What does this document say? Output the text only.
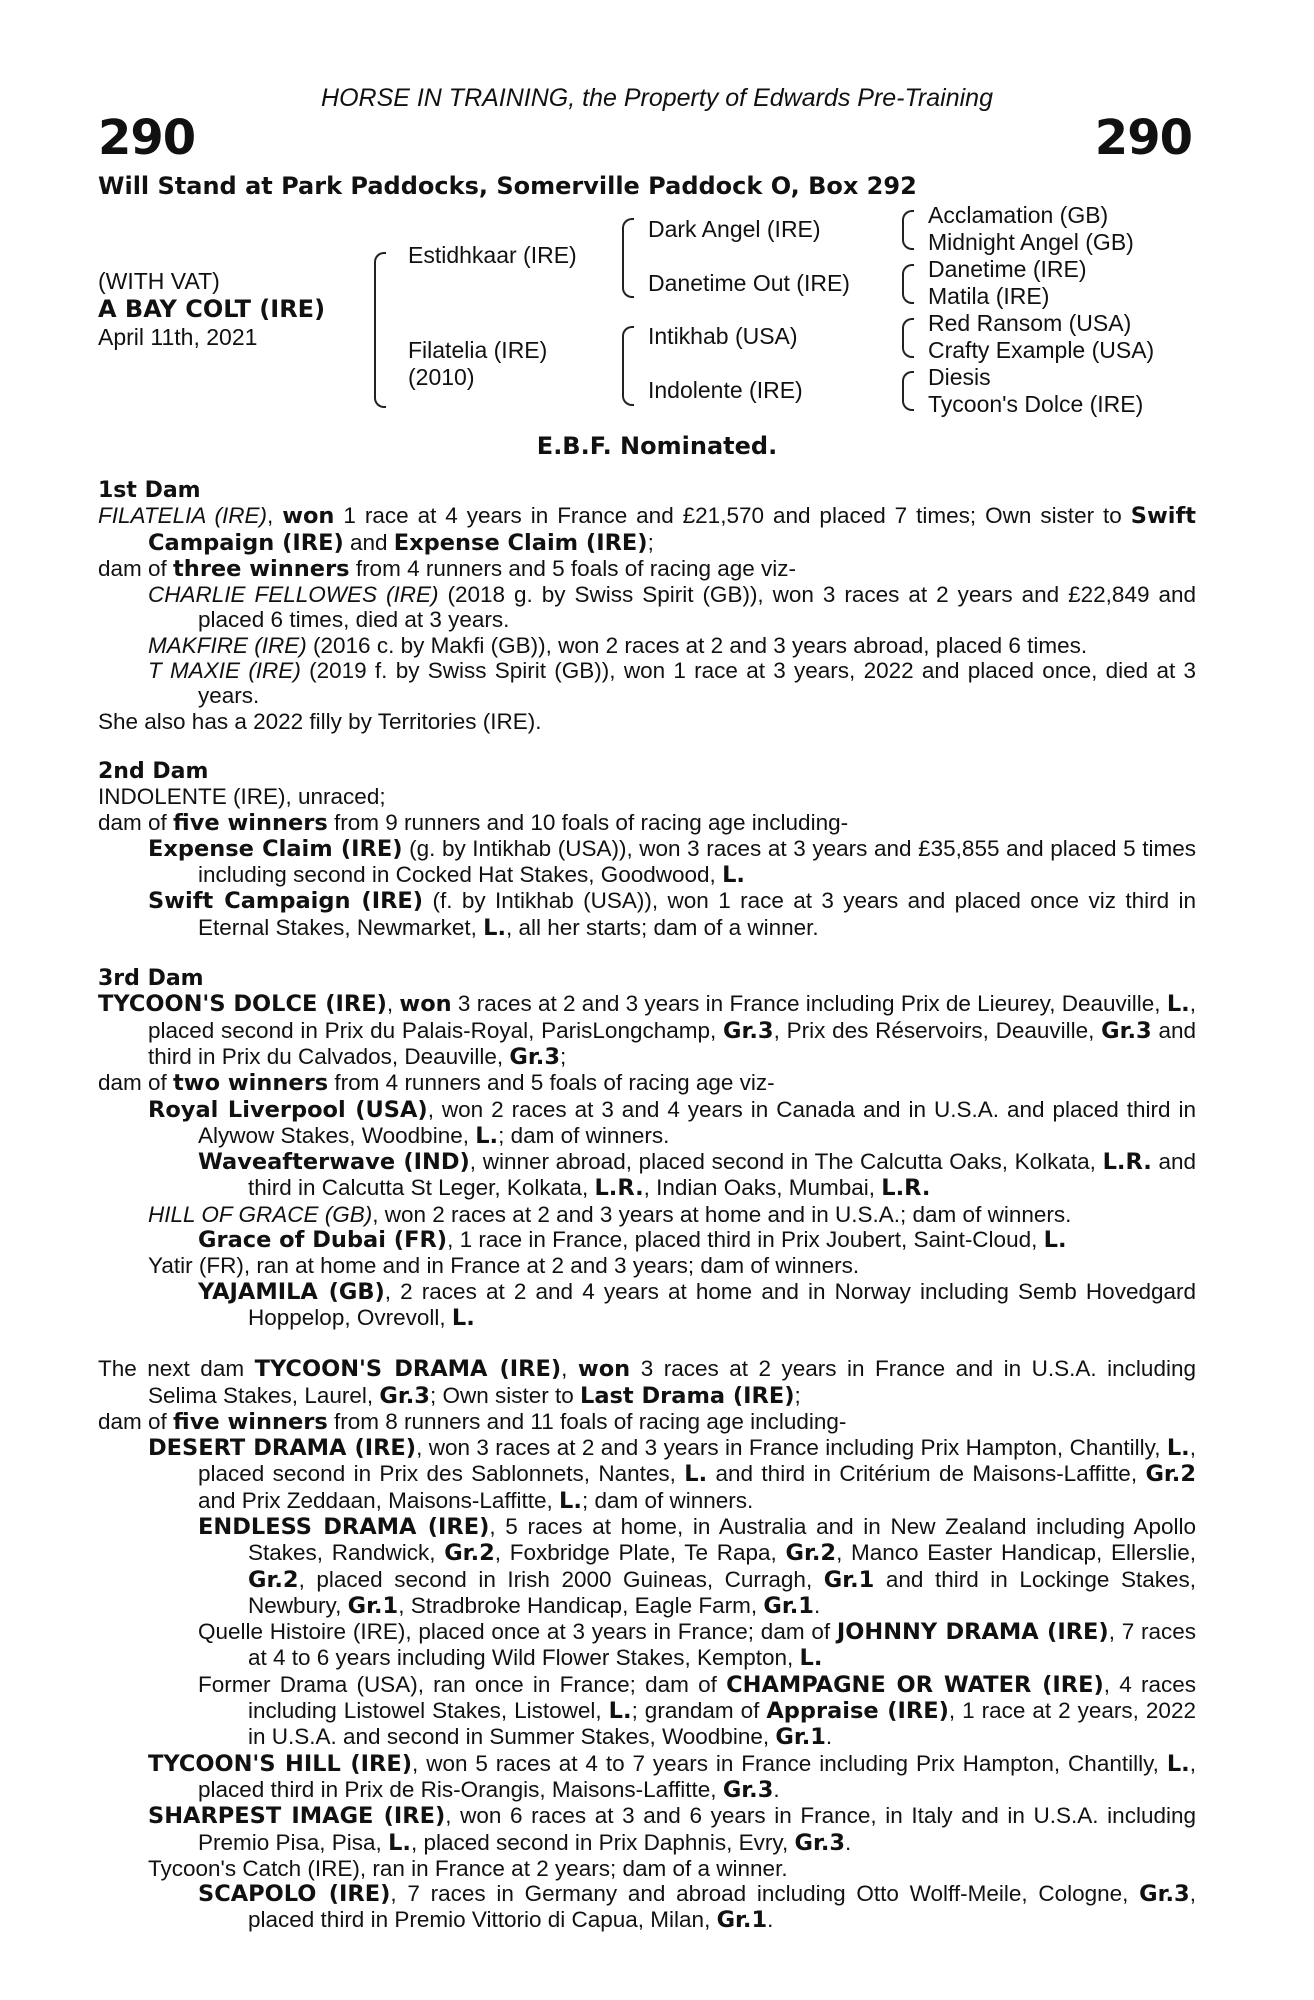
HORSE IN TRAINING, the Property of Edwards Pre-Training
290	290
Will Stand at Park Paddocks, Somerville Paddock O, Box 292
(WITH VAT)
A BAY COLT (IRE)
April 11th, 2021
Estidhkaar (IRE)
Filatelia (IRE)
(2010)
Dark Angel (IRE)
Danetime Out (IRE)
Intikhab (USA)
Indolente (IRE)
Acclamation (GB)
Midnight Angel (GB)
Danetime (IRE)
Matila (IRE)
Red Ransom (USA)
Crafty Example (USA)
Diesis
Tycoon's Dolce (IRE)
E.B.F. Nominated.

1st Dam

FILATELIA (IRE), won 1 race at 4 years in France and £21,570 and placed 7 times; Own sister to Swift Campaign (IRE) and Expense Claim (IRE);

dam of three winners from 4 runners and 5 foals of racing age viz-

CHARLIE FELLOWES (IRE) (2018 g. by Swiss Spirit (GB)), won 3 races at 2 years and £22,849 and placed 6 times, died at 3 years.

MAKFIRE (IRE) (2016 c. by Makfi (GB)), won 2 races at 2 and 3 years abroad, placed 6 times.

T MAXIE (IRE) (2019 f. by Swiss Spirit (GB)), won 1 race at 3 years, 2022 and placed once, died at 3 years.

She also has a 2022 filly by Territories (IRE).

2nd Dam

INDOLENTE (IRE), unraced;

dam of five winners from 9 runners and 10 foals of racing age including-

Expense Claim (IRE) (g. by Intikhab (USA)), won 3 races at 3 years and £35,855 and placed 5 times including second in Cocked Hat Stakes, Goodwood, L.

Swift Campaign (IRE) (f. by Intikhab (USA)), won 1 race at 3 years and placed once viz third in Eternal Stakes, Newmarket, L., all her starts; dam of a winner.

3rd Dam

TYCOON'S DOLCE (IRE), won 3 races at 2 and 3 years in France including Prix de Lieurey, Deauville, L., placed second in Prix du Palais-Royal, ParisLongchamp, Gr.3, Prix des Réservoirs, Deauville, Gr.3 and third in Prix du Calvados, Deauville, Gr.3;

dam of two winners from 4 runners and 5 foals of racing age viz-

Royal Liverpool (USA), won 2 races at 3 and 4 years in Canada and in U.S.A. and placed third in Alywow Stakes, Woodbine, L.; dam of winners.

Waveafterwave (IND), winner abroad, placed second in The Calcutta Oaks, Kolkata, L.R. and third in Calcutta St Leger, Kolkata, L.R., Indian Oaks, Mumbai, L.R.

HILL OF GRACE (GB), won 2 races at 2 and 3 years at home and in U.S.A.; dam of winners.

Grace of Dubai (FR), 1 race in France, placed third in Prix Joubert, Saint-Cloud, L.

Yatir (FR), ran at home and in France at 2 and 3 years; dam of winners.

YAJAMILA (GB), 2 races at 2 and 4 years at home and in Norway including Semb Hovedgard Hoppelop, Ovrevoll, L.

The next dam TYCOON'S DRAMA (IRE), won 3 races at 2 years in France and in U.S.A. including Selima Stakes, Laurel, Gr.3; Own sister to Last Drama (IRE);

dam of five winners from 8 runners and 11 foals of racing age including-

DESERT DRAMA (IRE), won 3 races at 2 and 3 years in France including Prix Hampton, Chantilly, L., placed second in Prix des Sablonnets, Nantes, L. and third in Critérium de Maisons-Laffitte, Gr.2 and Prix Zeddaan, Maisons-Laffitte, L.; dam of winners.

ENDLESS DRAMA (IRE), 5 races at home, in Australia and in New Zealand including Apollo Stakes, Randwick, Gr.2, Foxbridge Plate, Te Rapa, Gr.2, Manco Easter Handicap, Ellerslie, Gr.2, placed second in Irish 2000 Guineas, Curragh, Gr.1 and third in Lockinge Stakes, Newbury, Gr.1, Stradbroke Handicap, Eagle Farm, Gr.1.

Quelle Histoire (IRE), placed once at 3 years in France; dam of JOHNNY DRAMA (IRE), 7 races at 4 to 6 years including Wild Flower Stakes, Kempton, L.

Former Drama (USA), ran once in France; dam of CHAMPAGNE OR WATER (IRE), 4 races including Listowel Stakes, Listowel, L.; grandam of Appraise (IRE), 1 race at 2 years, 2022 in U.S.A. and second in Summer Stakes, Woodbine, Gr.1.

TYCOON'S HILL (IRE), won 5 races at 4 to 7 years in France including Prix Hampton, Chantilly, L., placed third in Prix de Ris-Orangis, Maisons-Laffitte, Gr.3.

SHARPEST IMAGE (IRE), won 6 races at 3 and 6 years in France, in Italy and in U.S.A. including Premio Pisa, Pisa, L., placed second in Prix Daphnis, Evry, Gr.3.

Tycoon's Catch (IRE), ran in France at 2 years; dam of a winner.

SCAPOLO (IRE), 7 races in Germany and abroad including Otto Wolff-Meile, Cologne, Gr.3, placed third in Premio Vittorio di Capua, Milan, Gr.1.
